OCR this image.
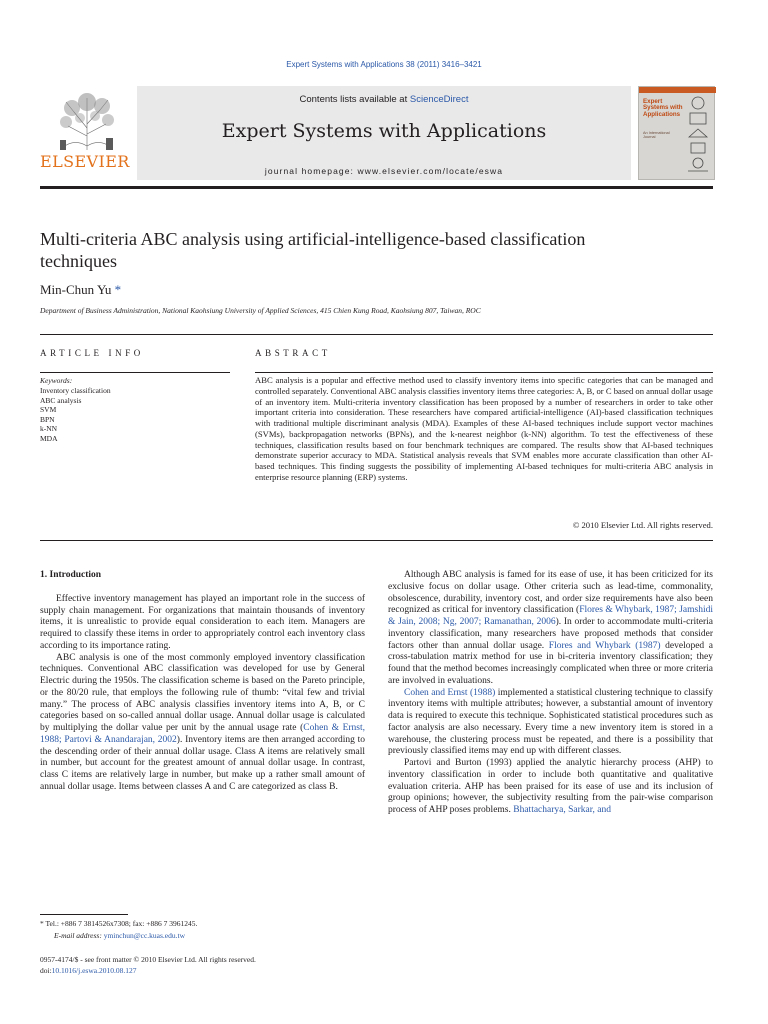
Expert Systems with Applications 38 (2011) 3416–3421
ELSEVIER
Contents lists available at ScienceDirect
Expert Systems with Applications
journal homepage: www.elsevier.com/locate/eswa
Expert Systems with Applications
An International Journal
Multi-criteria ABC analysis using artificial-intelligence-based classification techniques
Min-Chun Yu *
Department of Business Administration, National Kaohsiung University of Applied Sciences, 415 Chien Kung Road, Kaohsiung 807, Taiwan, ROC
ARTICLE INFO
Keywords:
Inventory classification
ABC analysis
SVM
BPN
k-NN
MDA
ABSTRACT
ABC analysis is a popular and effective method used to classify inventory items into specific categories that can be managed and controlled separately. Conventional ABC analysis classifies inventory items three categories: A, B, or C based on annual dollar usage of an inventory item. Multi-criteria inventory classification has been proposed by a number of researchers in order to take other important criteria into consideration. These researchers have compared artificial-intelligence (AI)-based classification techniques with traditional multiple discriminant analysis (MDA). Examples of these AI-based techniques include support vector machines (SVMs), backpropagation networks (BPNs), and the k-nearest neighbor (k-NN) algorithm. To test the effectiveness of these techniques, classification results based on four benchmark techniques are compared. The results show that AI-based techniques demonstrate superior accuracy to MDA. Statistical analysis reveals that SVM enables more accurate classification than other AI-based techniques. This finding suggests the possibility of implementing AI-based techniques for multi-criteria ABC analysis in enterprise resource planning (ERP) systems.
© 2010 Elsevier Ltd. All rights reserved.
1. Introduction

Effective inventory management has played an important role in the success of supply chain management. For organizations that maintain thousands of inventory items, it is unrealistic to provide equal consideration to each item. Managers are required to classify these items in order to appropriately control each inventory class according to its importance rating.

ABC analysis is one of the most commonly employed inventory classification techniques. Conventional ABC classification was developed for use by General Electric during the 1950s. The classification scheme is based on the Pareto principle, or the 80/20 rule, that employs the following rule of thumb: “vital few and trivial many.” The process of ABC analysis classifies inventory items into A, B, or C categories based on so-called annual dollar usage. Annual dollar usage is calculated by multiplying the dollar value per unit by the annual usage rate (Cohen & Ernst, 1988; Partovi & Anandarajan, 2002). Inventory items are then arranged according to the descending order of their annual dollar usage. Class A items are relatively small in number, but account for the greatest amount of annual dollar usage. In contrast, class C items are relatively large in number, but make up a rather small amount of annual dollar usage. Items between classes A and C are categorized as class B.

Although ABC analysis is famed for its ease of use, it has been criticized for its exclusive focus on dollar usage. Other criteria such as lead-time, commonality, obsolescence, durability, inventory cost, and order size requirements have also been recognized as critical for inventory classification (Flores & Whybark, 1987; Jamshidi & Jain, 2008; Ng, 2007; Ramanathan, 2006). In order to accommodate multi-criteria inventory classification, many researchers have proposed methods that consider factors other than annual dollar usage. Flores and Whybark (1987) developed a cross-tabulation matrix method for use in bi-criteria inventory classification; they found that the method becomes increasingly complicated when three or more criteria are involved in evaluations.

Cohen and Ernst (1988) implemented a statistical clustering technique to classify inventory items with multiple attributes; however, a substantial amount of inventory data is required to execute this technique. Sophisticated statistical procedures such as factor analysis are also necessary. Every time a new inventory item is stored in a warehouse, the clustering process must be repeated, and there is a possibility that previously classified items may end up with different classes.

Partovi and Burton (1993) applied the analytic hierarchy process (AHP) to inventory classification in order to include both quantitative and qualitative evaluation criteria. AHP has been praised for its ease of use and its inclusion of group opinions; however, the subjectivity resulting from the pair-wise comparison process of AHP poses problems. Bhattacharya, Sarkar, and

* Tel.: +886 7 3814526x7308; fax: +886 7 3961245.
E-mail address: yminchun@cc.kuas.edu.tw
0957-4174/$ - see front matter © 2010 Elsevier Ltd. All rights reserved.
doi:10.1016/j.eswa.2010.08.127
